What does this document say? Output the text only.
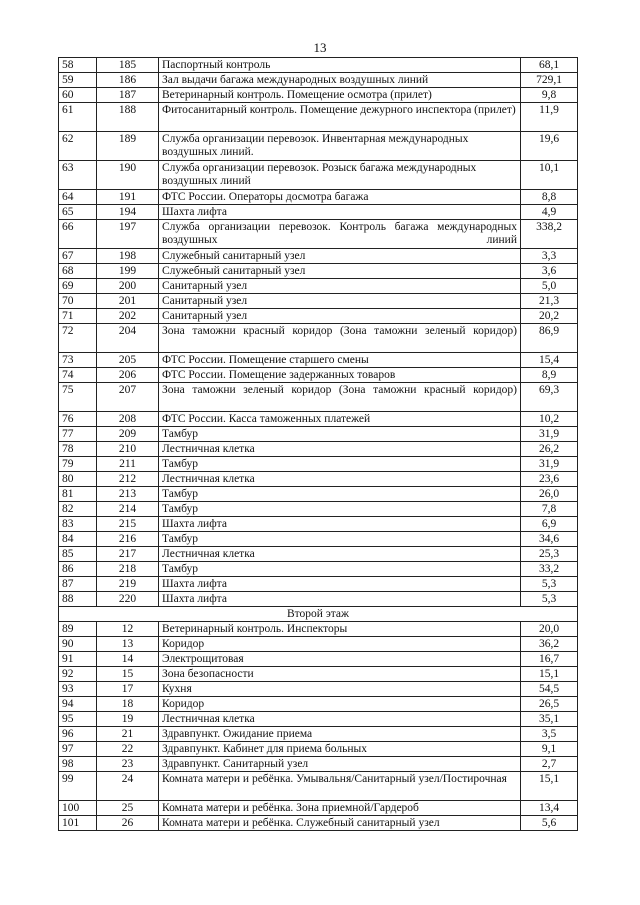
13
58	185	Паспортный контроль	68,1
59	186	Зал выдачи багажа международных воздушных линий	729,1
60	187	Ветеринарный контроль. Помещение осмотра (прилет)	9,8
61	188	Фитосанитарный контроль. Помещение дежурного инспектора (прилет)	11,9
62	189	Служба организации перевозок. Инвентарная международных воздушных линий.	19,6
63	190	Служба организации перевозок. Розыск багажа международных воздушных линий	10,1
64	191	ФТС России. Операторы досмотра багажа	8,8
65	194	Шахта лифта	4,9
66	197	Служба организации перевозок. Контроль багажа международных воздушных линий	338,2
67	198	Служебный санитарный узел	3,3
68	199	Служебный санитарный узел	3,6
69	200	Санитарный узел	5,0
70	201	Санитарный узел	21,3
71	202	Санитарный узел	20,2
72	204	Зона таможни красный коридор (Зона таможни зеленый коридор)	86,9
73	205	ФТС России. Помещение старшего смены	15,4
74	206	ФТС России. Помещение задержанных товаров	8,9
75	207	Зона таможни зеленый коридор (Зона таможни красный коридор)	69,3
76	208	ФТС России. Касса таможенных платежей	10,2
77	209	Тамбур	31,9
78	210	Лестничная клетка	26,2
79	211	Тамбур	31,9
80	212	Лестничная клетка	23,6
81	213	Тамбур	26,0
82	214	Тамбур	7,8
83	215	Шахта лифта	6,9
84	216	Тамбур	34,6
85	217	Лестничная клетка	25,3
86	218	Тамбур	33,2
87	219	Шахта лифта	5,3
88	220	Шахта лифта	5,3
Второй этаж			
89	12	Ветеринарный контроль. Инспекторы	20,0
90	13	Коридор	36,2
91	14	Электрощитовая	16,7
92	15	Зона безопасности	15,1
93	17	Кухня	54,5
94	18	Коридор	26,5
95	19	Лестничная клетка	35,1
96	21	Здравпункт. Ожидание приема	3,5
97	22	Здравпункт. Кабинет для приема больных	9,1
98	23	Здравпункт. Санитарный узел	2,7
99	24	Комната матери и ребёнка. Умывальня/Санитарный узел/Постирочная	15,1
100	25	Комната матери и ребёнка. Зона приемной/Гардероб	13,4
101	26	Комната матери и ребёнка. Служебный санитарный узел	5,6
